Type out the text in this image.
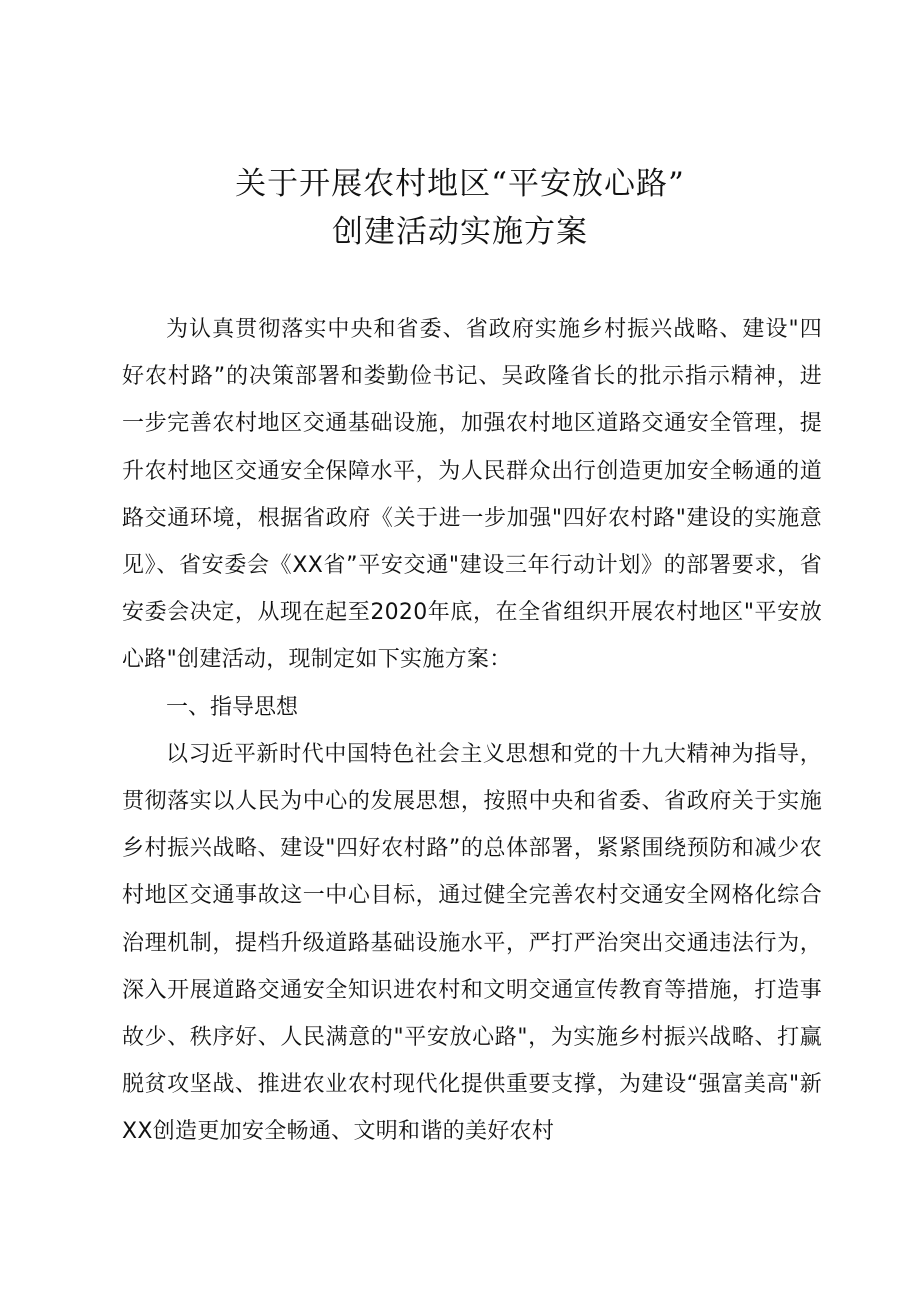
关于开展农村地区“平安放心路”
创建活动实施方案

为认真贯彻落实中央和省委、省政府实施乡村振兴战略、建设"四好农村路”的决策部署和娄勤俭书记、吴政隆省长的批示指示精神，进一步完善农村地区交通基础设施，加强农村地区道路交通安全管理，提升农村地区交通安全保障水平，为人民群众出行创造更加安全畅通的道路交通环境，根据省政府《关于进一步加强"四好农村路"建设的实施意见》、省安委会《XX省”平安交通"建设三年行动计划》的部署要求，省安委会决定，从现在起至2020年底，在全省组织开展农村地区"平安放心路"创建活动，现制定如下实施方案：

一、指导思想

以习近平新时代中国特色社会主义思想和党的十九大精神为指导，贯彻落实以人民为中心的发展思想，按照中央和省委、省政府关于实施乡村振兴战略、建设"四好农村路”的总体部署，紧紧围绕预防和减少农村地区交通事故这一中心目标，通过健全完善农村交通安全网格化综合治理机制，提档升级道路基础设施水平，严打严治突出交通违法行为，深入开展道路交通安全知识进农村和文明交通宣传教育等措施，打造事故少、秩序好、人民满意的"平安放心路"，为实施乡村振兴战略、打赢脱贫攻坚战、推进农业农村现代化提供重要支撑，为建设“强富美高"新XX创造更加安全畅通、文明和谐的美好农村
